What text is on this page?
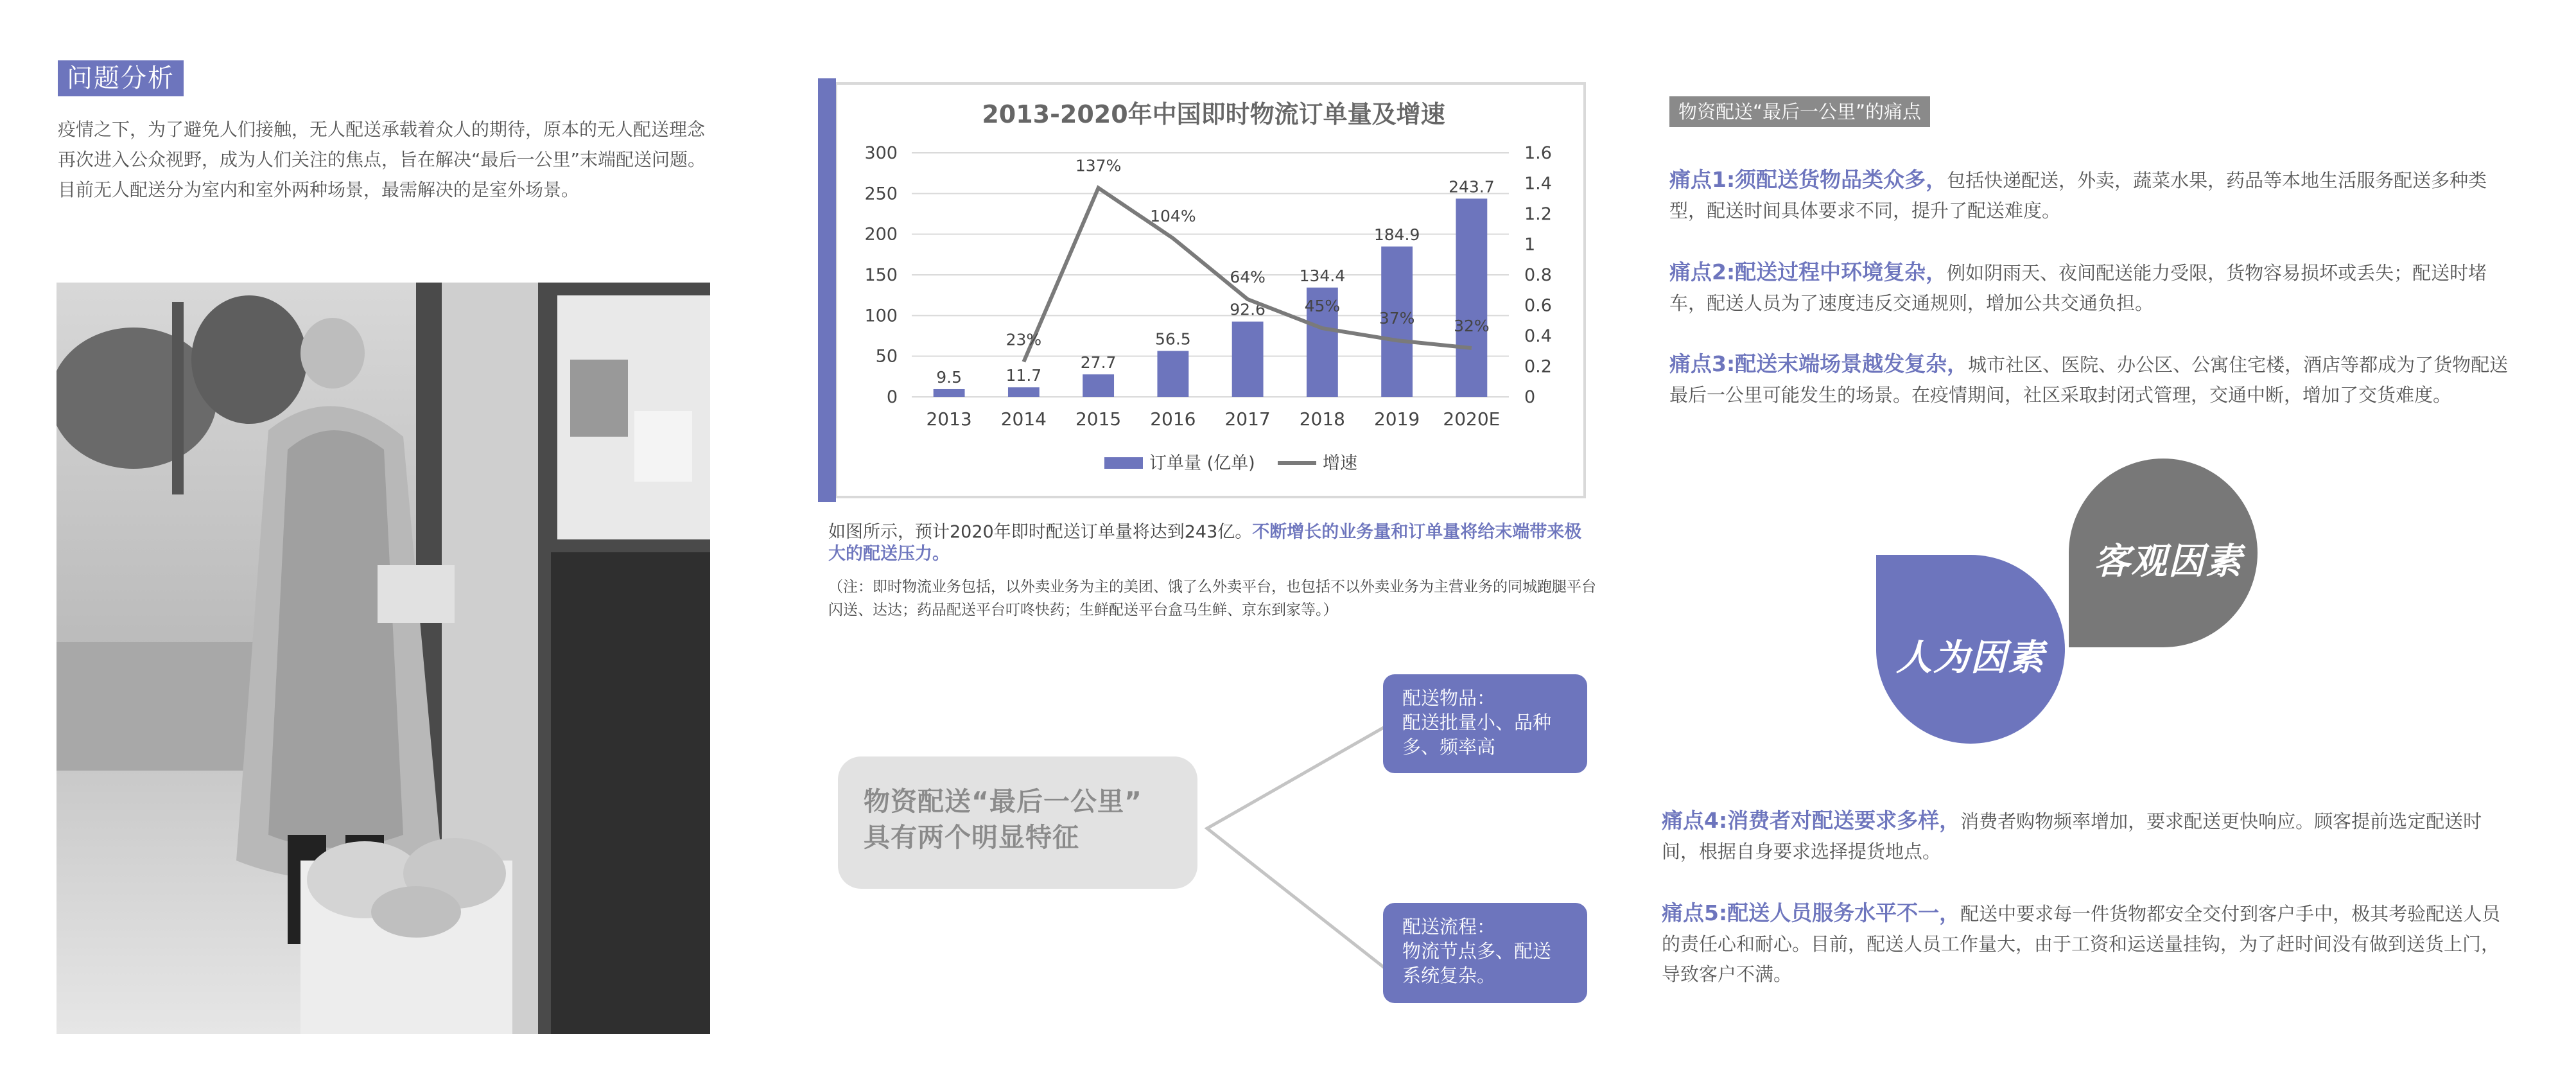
问题分析
疫情之下，为了避免人们接触，无人配送承载着众人的期待，原本的无人配送理念再次进入公众视野，成为人们关注的焦点，旨在解决“最后一公里”末端配送问题。目前无人配送分为室内和室外两种场景，最需解决的是室外场景。
2013-2020年中国即时物流订单量及增速
0
50
100
150
200
250
300
0
0.2
0.4
0.6
0.8
1
1.2
1.4
1.6
9.5	11.7
27.7
56.5
92.6
134.4
184.9
243.7
23%
137%
104%
64%
45%
37% 32%
2013 2014 2015 2016 2017 2018 2019 2020E
订单量 (亿单)	增速
如图所示，预计2020年即时配送订单量将达到243亿。不断增长的业务量和订单量将给末端带来极大的配送压力。
（注：即时物流业务包括，以外卖业务为主的美团、饿了么外卖平台，也包括不以外卖业务为主营业务的同城跑腿平台闪送、达达；药品配送平台叮咚快药；生鲜配送平台盒马生鲜、京东到家等。）
物资配送“最后一公里”
具有两个明显特征
配送物品：
配送批量小、品种多、频率高
配送流程：
物流节点多、配送系统复杂。
物资配送“最后一公里”的痛点
痛点1:须配送货物品类众多，包括快递配送，外卖，蔬菜水果，药品等本地生活服务配送多种类型，配送时间具体要求不同，提升了配送难度。
痛点2:配送过程中环境复杂，例如阴雨天、夜间配送能力受限，货物容易损坏或丢失；配送时堵车，配送人员为了速度违反交通规则，增加公共交通负担。
痛点3:配送末端场景越发复杂，城市社区、医院、办公区、公寓住宅楼，酒店等都成为了货物配送最后一公里可能发生的场景。在疫情期间，社区采取封闭式管理，交通中断，增加了交货难度。
客观因素
人为因素
痛点4:消费者对配送要求多样，消费者购物频率增加，要求配送更快响应。顾客提前选定配送时间，根据自身要求选择提货地点。
痛点5:配送人员服务水平不一，配送中要求每一件货物都安全交付到客户手中，极其考验配送人员的责任心和耐心。目前，配送人员工作量大，由于工资和运送量挂钩，为了赶时间没有做到送货上门，导致客户不满。
